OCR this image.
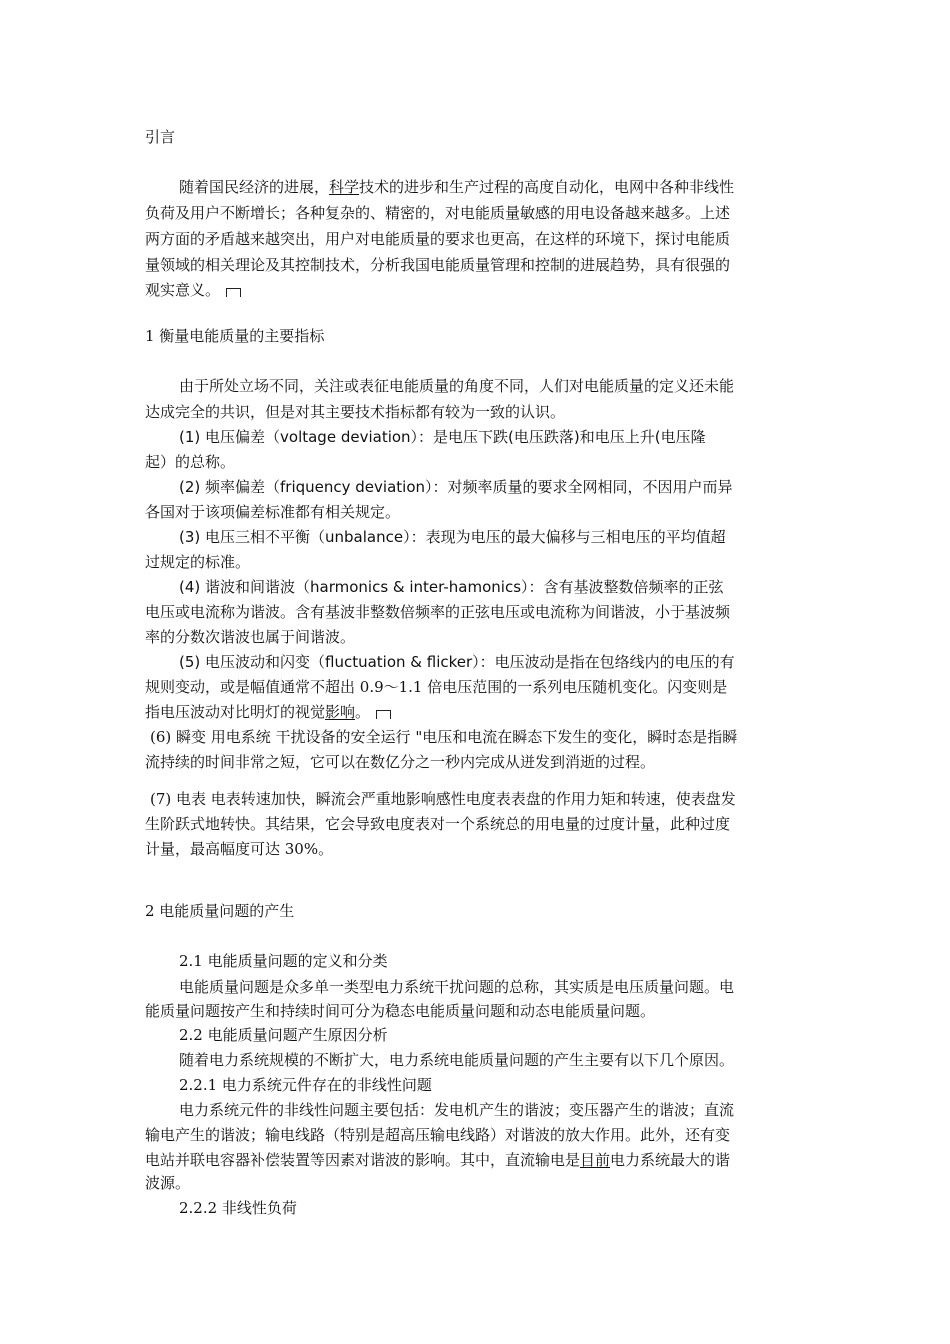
引言
随着国民经济的进展，科学技术的进步和生产过程的高度自动化，电网中各种非线性
负荷及用户不断增长；各种复杂的、精密的，对电能质量敏感的用电设备越来越多。上述
两方面的矛盾越来越突出，用户对电能质量的要求也更高，在这样的环境下，探讨电能质
量领域的相关理论及其控制技术，分析我国电能质量管理和控制的进展趋势，具有很强的
观实意义。
1 衡量电能质量的主要指标
由于所处立场不同，关注或表征电能质量的角度不同，人们对电能质量的定义还未能
达成完全的共识，但是对其主要技术指标都有较为一致的认识。
(1) 电压偏差（voltage deviation）：是电压下跌(电压跌落)和电压上升(电压隆
起）的总称。
(2) 频率偏差（friquency deviation）：对频率质量的要求全网相同，不因用户而异
各国对于该项偏差标准都有相关规定。
(3) 电压三相不平衡（unbalance）：表现为电压的最大偏移与三相电压的平均值超
过规定的标准。
(4) 谐波和间谐波（harmonics & inter-hamonics）：含有基波整数倍频率的正弦
电压或电流称为谐波。含有基波非整数倍频率的正弦电压或电流称为间谐波，小于基波频
率的分数次谐波也属于间谐波。
(5) 电压波动和闪变（fluctuation & flicker）：电压波动是指在包络线内的电压的有
规则变动，或是幅值通常不超出 0.9～1.1 倍电压范围的一系列电压随机变化。闪变则是
指电压波动对比明灯的视觉影响。
(6) 瞬变 用电系统 干扰设备的安全运行 "电压和电流在瞬态下发生的变化，瞬时态是指瞬
流持续的时间非常之短，它可以在数亿分之一秒内完成从迸发到消逝的过程。
(7) 电表 电表转速加快，瞬流会严重地影响感性电度表表盘的作用力矩和转速，使表盘发
生阶跃式地转快。其结果，它会导致电度表对一个系统总的用电量的过度计量，此种过度
计量，最高幅度可达 30%。
2 电能质量问题的产生
2.1 电能质量问题的定义和分类
电能质量问题是众多单一类型电力系统干扰问题的总称，其实质是电压质量问题。电
能质量问题按产生和持续时间可分为稳态电能质量问题和动态电能质量问题。
2.2 电能质量问题产生原因分析
随着电力系统规模的不断扩大，电力系统电能质量问题的产生主要有以下几个原因。
2.2.1 电力系统元件存在的非线性问题
电力系统元件的非线性问题主要包括：发电机产生的谐波；变压器产生的谐波；直流
输电产生的谐波；输电线路（特别是超高压输电线路）对谐波的放大作用。此外，还有变
电站并联电容器补偿装置等因素对谐波的影响。其中，直流输电是目前电力系统最大的谐
波源。
2.2.2 非线性负荷
